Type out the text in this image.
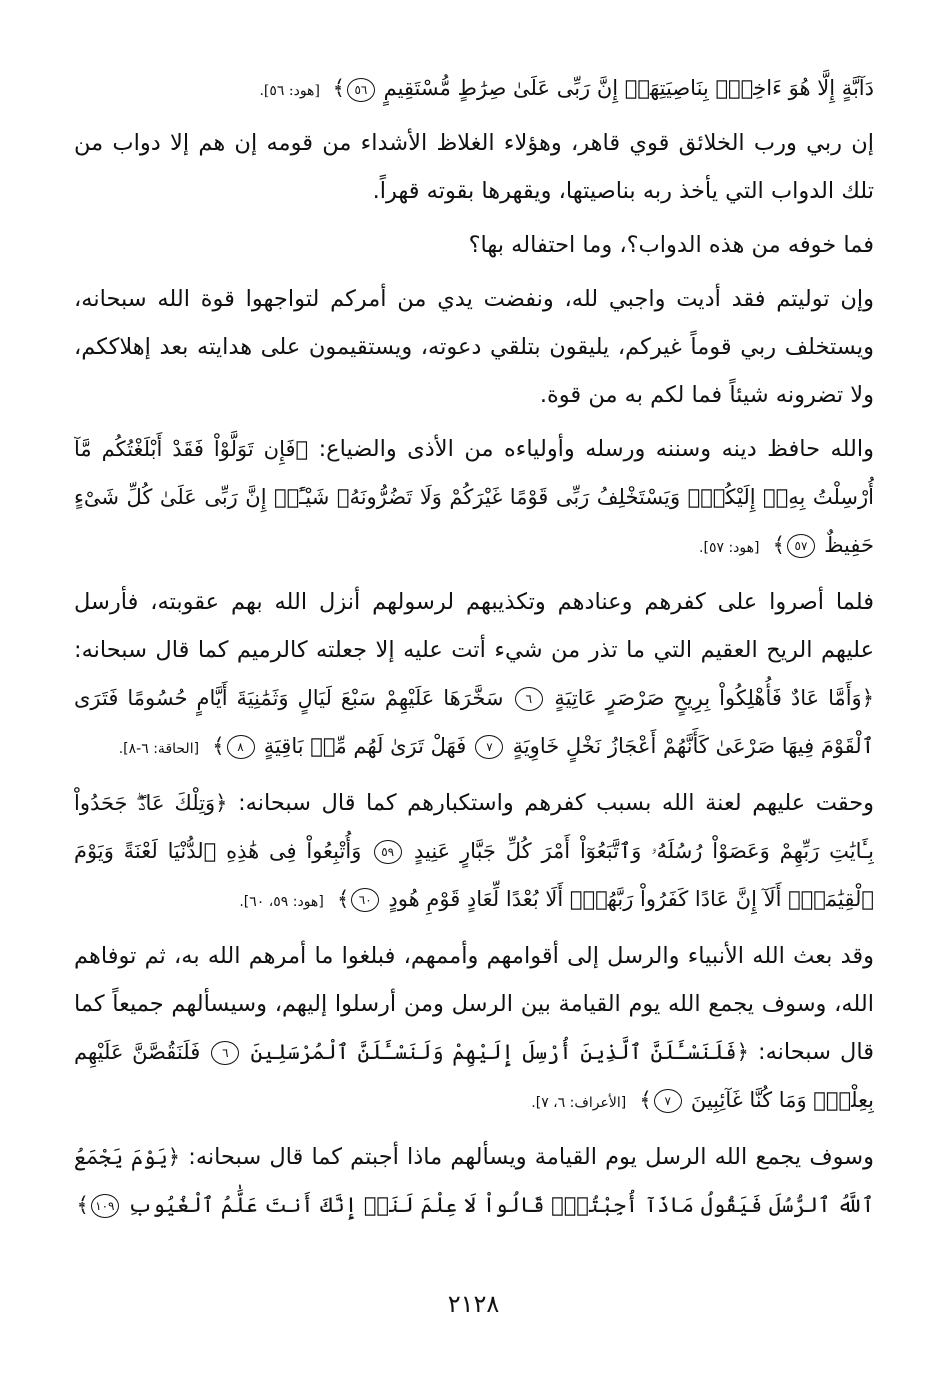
دَآبَّةٍ إِلَّا هُوَ ءَاخِذٌۢ بِنَاصِيَتِهَآۚ إِنَّ رَبِّى عَلَىٰ صِرَٰطٍ مُّسْتَقِيمٍ ٥٦﴾ [هود: ٥٦].

إن ربي ورب الخلائق قوي قاهر، وهؤلاء الغلاظ الأشداء من قومه إن هم إلا دواب من تلك الدواب التي يأخذ ربه بناصيتها، ويقهرها بقوته قهراً.

فما خوفه من هذه الدواب؟، وما احتفاله بها؟

وإن توليتم فقد أديت واجبي لله، ونفضت يدي من أمركم لتواجهوا قوة الله سبحانه، ويستخلف ربي قوماً غيركم، يليقون بتلقي دعوته، ويستقيمون على هدايته بعد إهلاككم، ولا تضرونه شيئاً فما لكم به من قوة.

والله حافظ دينه وسننه ورسله وأولياءه من الأذى والضياع: ﴿فَإِن تَوَلَّوْاْ فَقَدْ أَبْلَغْتُكُم مَّآ أُرْسِلْتُ بِهِۦٓ إِلَيْكُمْۚ وَيَسْتَخْلِفُ رَبِّى قَوْمًا غَيْرَكُمْ وَلَا تَضُرُّونَهُۥ شَيْـًٔاۚ إِنَّ رَبِّى عَلَىٰ كُلِّ شَىْءٍ حَفِيظٌ ٥٧﴾ [هود: ٥٧].

فلما أصروا على كفرهم وعنادهم وتكذيبهم لرسولهم أنزل الله بهم عقوبته، فأرسل عليهم الريح العقيم التي ما تذر من شيء أتت عليه إلا جعلته كالرميم كما قال سبحانه: ﴿وَأَمَّا عَادٌ فَأُهْلِكُواْ بِرِيحٍ صَرْصَرٍ عَاتِيَةٍ ٦ سَخَّرَهَا عَلَيْهِمْ سَبْعَ لَيَالٍ وَثَمَٰنِيَةَ أَيَّامٍ حُسُومًا فَتَرَى ٱلْقَوْمَ فِيهَا صَرْعَىٰ كَأَنَّهُمْ أَعْجَازُ نَخْلٍ خَاوِيَةٍ ٧ فَهَلْ تَرَىٰ لَهُم مِّنۢ بَاقِيَةٍ ٨﴾ [الحاقة: ٦-٨].

وحقت عليهم لعنة الله بسبب كفرهم واستكبارهم كما قال سبحانه: ﴿وَتِلْكَ عَادٌۖ جَحَدُواْ بِـَٔايَٰتِ رَبِّهِمْ وَعَصَوْاْ رُسُلَهُۥ وَٱتَّبَعُوٓاْ أَمْرَ كُلِّ جَبَّارٍ عَنِيدٍ ٥٩ وَأُتْبِعُواْ فِى هَٰذِهِ ٱلدُّنْيَا لَعْنَةً وَيَوْمَ ٱلْقِيَٰمَةِۗ أَلَآ إِنَّ عَادًا كَفَرُواْ رَبَّهُمْۗ أَلَا بُعْدًا لِّعَادٍ قَوْمِ هُودٍ ٦٠﴾ [هود: ٥٩، ٦٠].

وقد بعث الله الأنبياء والرسل إلى أقوامهم وأممهم، فبلغوا ما أمرهم الله به، ثم توفاهم الله، وسوف يجمع الله يوم القيامة بين الرسل ومن أرسلوا إليهم، وسيسألهم جميعاً كما قال سبحانه: ﴿فَلَنَسْـَٔلَنَّ ٱلَّذِينَ أُرْسِلَ إِلَيْهِمْ وَلَنَسْـَٔلَنَّ ٱلْمُرْسَلِينَ ٦ فَلَنَقُصَّنَّ عَلَيْهِم بِعِلْمٍۖ وَمَا كُنَّا غَآئِبِينَ ٧﴾ [الأعراف: ٦، ٧].

وسوف يجمع الله الرسل يوم القيامة ويسألهم ماذا أجبتم كما قال سبحانه: ﴿يَوْمَ يَجْمَعُ ٱللَّهُ ٱلرُّسُلَ فَيَقُولُ مَاذَآ أُجِبْتُمْۖ قَالُواْ لَا عِلْمَ لَنَآۖ إِنَّكَ أَنتَ عَلَّٰمُ ٱلْغُيُوبِ ١٠٩﴾

٢١٢٨
